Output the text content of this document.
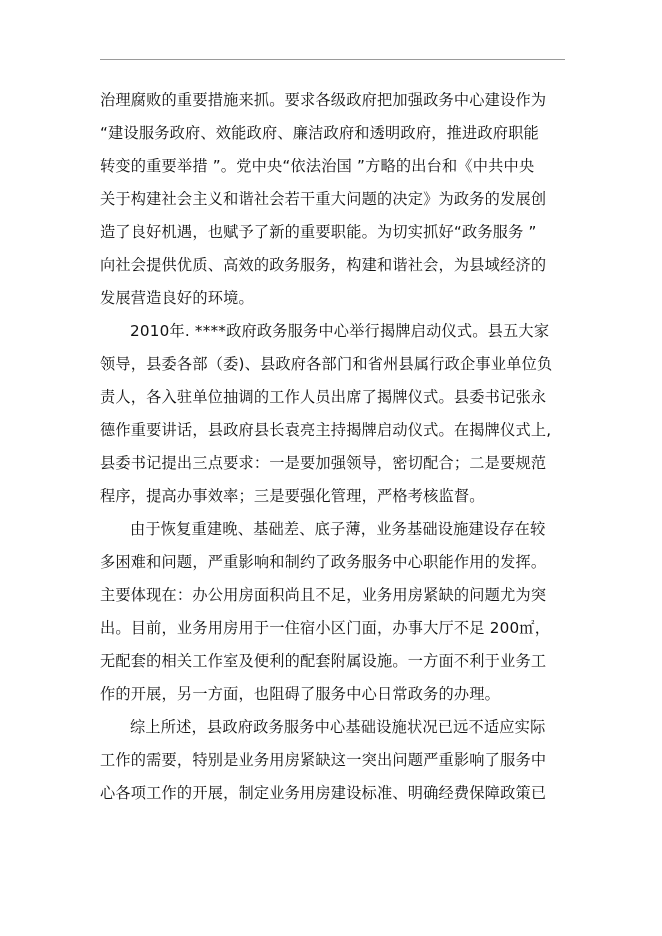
治理腐败的重要措施来抓。要求各级政府把加强政务中心建设作为
“建设服务政府、效能政府、廉洁政府和透明政府，推进政府职能
转变的重要举措 ”。党中央“依法治国 ”方略的出台和《中共中央
关于构建社会主义和谐社会若干重大问题的决定》为政务的发展创
造了良好机遇，也赋予了新的重要职能。为切实抓好“政务服务 ”
向社会提供优质、高效的政务服务，构建和谐社会，为县域经济的
发展营造良好的环境。
2010年. ****政府政务服务中心举行揭牌启动仪式。县五大家
领导，县委各部（委)、县政府各部门和省州县属行政企事业单位负
责人，各入驻单位抽调的工作人员出席了揭牌仪式。县委书记张永
德作重要讲话，县政府县长袁亮主持揭牌启动仪式。在揭牌仪式上,
县委书记提出三点要求：一是要加强领导，密切配合；二是要规范
程序，提高办事效率；三是要强化管理，严格考核监督。
由于恢复重建晚、基础差、底子薄，业务基础设施建设存在较
多困难和问题，严重影响和制约了政务服务中心职能作用的发挥。
主要体现在：办公用房面积尚且不足，业务用房紧缺的问题尤为突
出。目前，业务用房用于一住宿小区门面，办事大厅不足 200㎡，
无配套的相关工作室及便利的配套附属设施。一方面不利于业务工
作的开展，另一方面，也阻碍了服务中心日常政务的办理。
综上所述，县政府政务服务中心基础设施状况已远不适应实际
工作的需要，特别是业务用房紧缺这一突出问题严重影响了服务中
心各项工作的开展，制定业务用房建设标准、明确经费保障政策已
